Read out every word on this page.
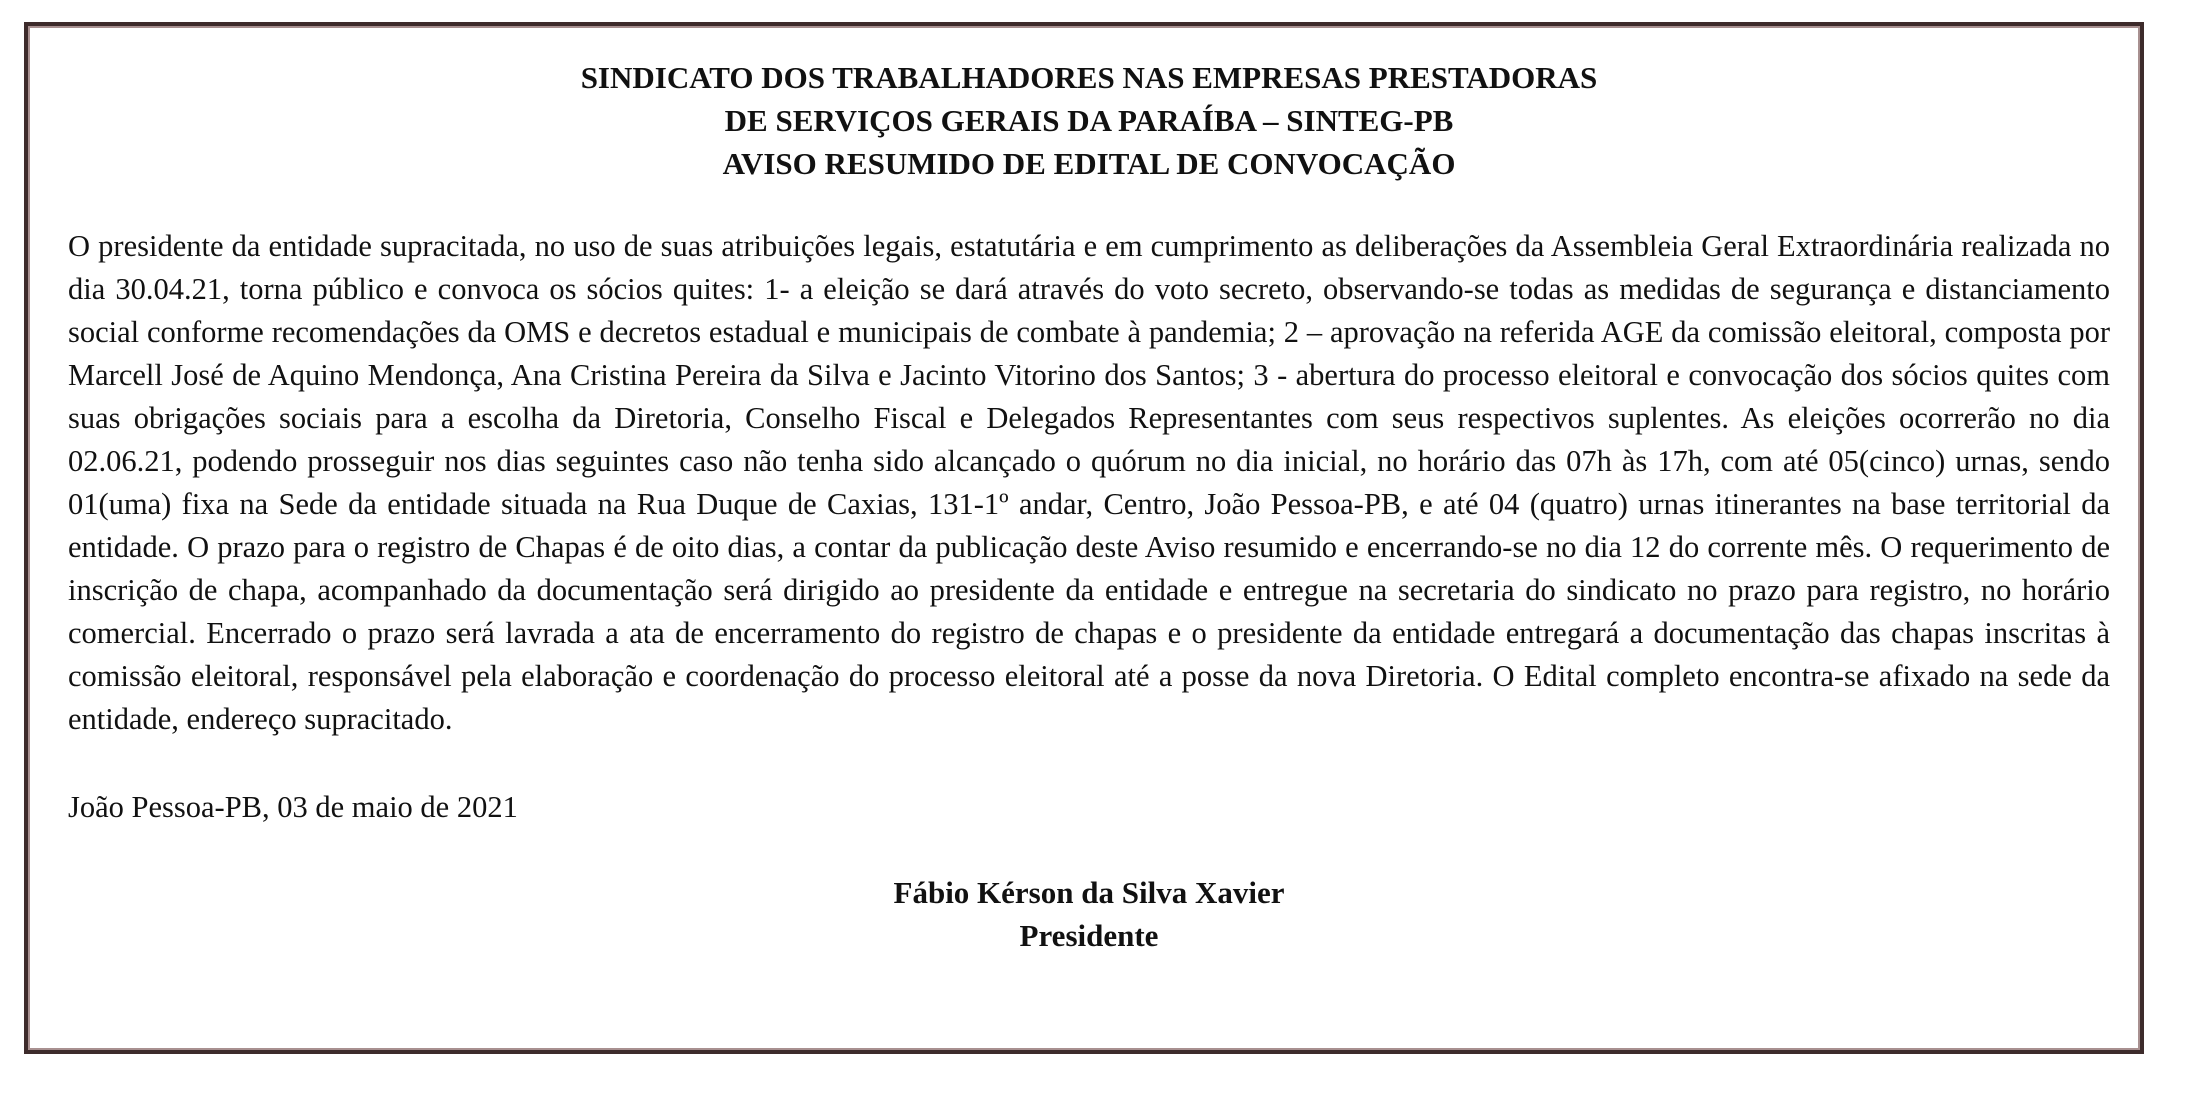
SINDICATO DOS TRABALHADORES NAS EMPRESAS PRESTADORAS
DE SERVIÇOS GERAIS DA PARAÍBA – SINTEG-PB
AVISO RESUMIDO DE EDITAL DE CONVOCAÇÃO

O presidente da entidade supracitada, no uso de suas atribuições legais, estatutária e em cumprimento as deliberações da Assembleia Geral Extraordinária realizada no dia 30.04.21, torna público e convoca os sócios quites: 1- a eleição se dará através do voto secreto, observando-se todas as medidas de segurança e distanciamento social conforme recomendações da OMS e decretos estadual e municipais de combate à pandemia; 2 – aprovação na referida AGE da comissão eleitoral, composta por Marcell José de Aquino Mendonça, Ana Cristina Pereira da Silva e Jacinto Vitorino dos Santos; 3 - abertura do processo eleitoral e convocação dos sócios quites com suas obrigações sociais para a escolha da Diretoria, Conselho Fiscal e Delegados Representantes com seus respectivos suplentes. As eleições ocorrerão no dia 02.06.21, podendo prosseguir nos dias seguintes caso não tenha sido alcançado o quórum no dia inicial, no horário das 07h às 17h, com até 05(cinco) urnas, sendo 01(uma) fixa na Sede da entidade situada na Rua Duque de Caxias, 131-1º andar, Centro, João Pessoa-PB, e até 04 (quatro) urnas itinerantes na base territorial da entidade. O prazo para o registro de Chapas é de oito dias, a contar da publicação deste Aviso resumido e encerrando-se no dia 12 do corrente mês. O requerimento de inscrição de chapa, acompanhado da documentação será dirigido ao presidente da entidade e entregue na secretaria do sindicato no prazo para registro, no horário comercial. Encerrado o prazo será lavrada a ata de encerramento do registro de chapas e o presidente da entidade entregará a documentação das chapas inscritas à comissão eleitoral, responsável pela elaboração e coordenação do processo eleitoral até a posse da nova Diretoria. O Edital completo encontra-se afixado na sede da entidade, endereço supracitado.

João Pessoa-PB, 03 de maio de 2021

Fábio Kérson da Silva Xavier
Presidente
